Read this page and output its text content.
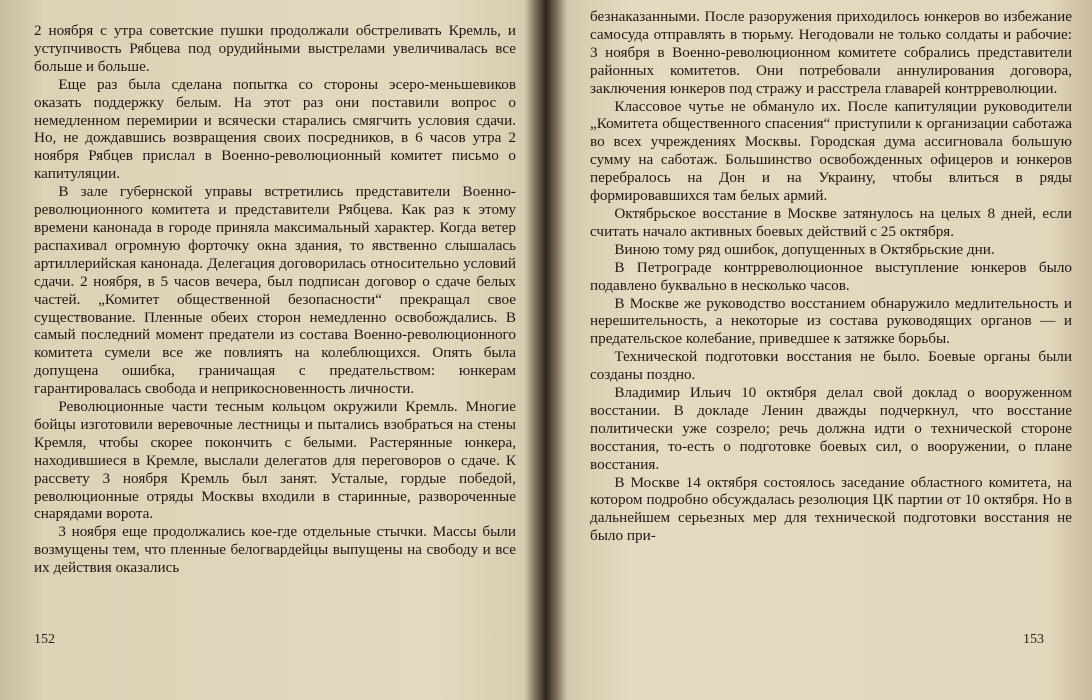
2 ноября с утра советские пушки продолжали обстреливать Кремль, и уступчивость Рябцева под орудийными выстрелами увеличивалась все больше и больше.

Еще раз была сделана попытка со стороны эсеро-меньшевиков оказать поддержку белым. На этот раз они поставили вопрос о немедленном перемирии и всячески старались смягчить условия сдачи. Но, не дождавшись возвращения своих посредников, в 6 часов утра 2 ноября Рябцев прислал в Военно-революционный комитет письмо о капитуляции.

В зале губернской управы встретились представители Военно-революционного комитета и представители Рябцева. Как раз к этому времени канонада в городе приняла максимальный характер. Когда ветер распахивал огромную форточку окна здания, то явственно слышалась артиллерийская канонада. Делегация договорилась относительно условий сдачи. 2 ноября, в 5 часов вечера, был подписан договор о сдаче белых частей. „Комитет общественной безопасности“ прекращал свое существование. Пленные обеих сторон немедленно освобождались. В самый последний момент предатели из состава Военно-революционного комитета сумели все же повлиять на колеблющихся. Опять была допущена ошибка, граничащая с предательством: юнкерам гарантировалась свобода и неприкосновенность личности.

Революционные части тесным кольцом окружили Кремль. Многие бойцы изготовили веревочные лестницы и пытались взобраться на стены Кремля, чтобы скорее покончить с белыми. Растерянные юнкера, находившиеся в Кремле, выслали делегатов для переговоров о сдаче. К рассвету 3 ноября Кремль был занят. Усталые, гордые победой, революционные отряды Москвы входили в старинные, развороченные снарядами ворота.

3 ноября еще продолжались кое-где отдельные стычки. Массы были возмущены тем, что пленные белогвардейцы выпущены на свободу и все их действия оказались

152

безнаказанными. После разоружения приходилось юнкеров во избежание самосуда отправлять в тюрьму. Негодовали не только солдаты и рабочие: 3 ноября в Военно-революционном комитете собрались представители районных комитетов. Они потребовали аннулирования договора, заключения юнкеров под стражу и расстрела главарей контрреволюции.

Классовое чутье не обмануло их. После капитуляции руководители „Комитета общественного спасения“ приступили к организации саботажа во всех учреждениях Москвы. Городская дума ассигновала большую сумму на саботаж. Большинство освобожденных офицеров и юнкеров перебралось на Дон и на Украину, чтобы влиться в ряды формировавшихся там белых армий.

Октябрьское восстание в Москве затянулось на целых 8 дней, если считать начало активных боевых действий с 25 октября.

Виною тому ряд ошибок, допущенных в Октябрьские дни.

В Петрограде контрреволюционное выступление юнкеров было подавлено буквально в несколько часов.

В Москве же руководство восстанием обнаружило медлительность и нерешительность, а некоторые из состава руководящих органов — и предательское колебание, приведшее к затяжке борьбы.

Технической подготовки восстания не было. Боевые органы были созданы поздно.

Владимир Ильич 10 октября делал свой доклад о вооруженном восстании. В докладе Ленин дважды подчеркнул, что восстание политически уже созрело; речь должна идти о технической стороне восстания, то-есть о подготовке боевых сил, о вооружении, о плане восстания.

В Москве 14 октября состоялось заседание областного комитета, на котором подробно обсуждалась резолюция ЦК партии от 10 октября. Но в дальнейшем серьезных мер для технической подготовки восстания не было при-

153
